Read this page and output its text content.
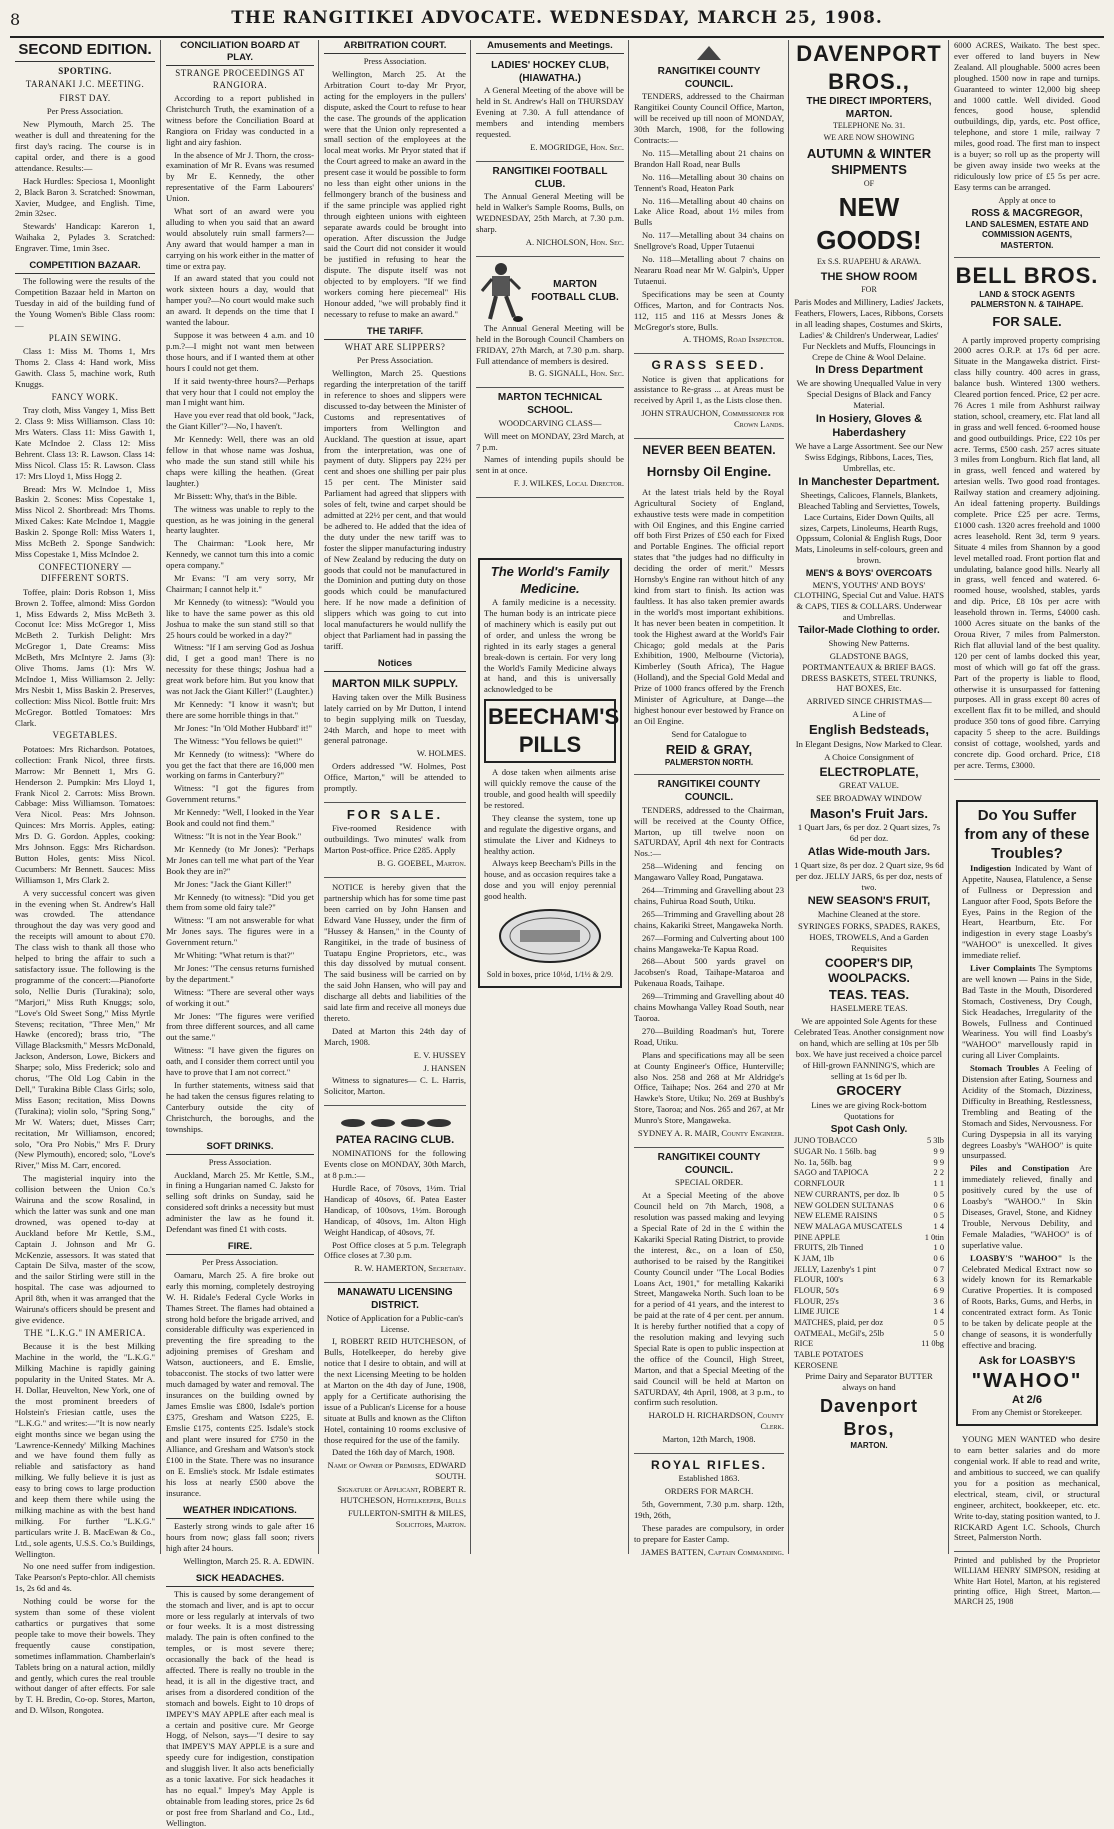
8	THE RANGITIKEI ADVOCATE. WEDNESDAY, MARCH 25, 1908.
SECOND EDITION.
SPORTING.
TARANAKI J.C. MEETING.
FIRST DAY.

Per Press Association.

New Plymouth, March 25. The weather is dull and threatening for the first day's racing. The course is in capital order, and there is a good attendance. Results:—

Hack Hurdles: Speciosa 1, Moonlight 2, Black Baron 3. Scratched: Snowman, Xavier, Mudgee, and English. Time, 2min 32sec.

Stewards' Handicap: Kareron 1, Waihaka 2, Pylades 3. Scratched: Engraver. Time, 1min 3sec.

COMPETITION BAZAAR.

The following were the results of the Competition Bazaar held in Marton on Tuesday in aid of the building fund of the Young Women's Bible Class room:—

PLAIN SEWING.

Class 1: Miss M. Thoms 1, Mrs Thoms 2. Class 4: Hand work, Miss Gawith. Class 5, machine work, Ruth Knuggs.

FANCY WORK.

Tray cloth, Miss Vangey 1, Miss Bett 2. Class 9: Miss Williamson. Class 10: Mrs Waters. Class 11: Miss Gawith 1, Kate McIndoe 2. Class 12: Miss Behrent. Class 13: R. Lawson. Class 14: Miss Nicol. Class 15: R. Lawson. Class 17: Mrs Lloyd 1, Miss Hogg 2.

Bread: Mrs W. McIndoe 1, Miss Baskin 2. Scones: Miss Copestake 1, Miss Nicol 2. Shortbread: Mrs Thoms. Mixed Cakes: Kate McIndoe 1, Maggie Baskin 2. Sponge Roll: Miss Waters 1, Miss McBeth 2. Sponge Sandwich: Miss Copestake 1, Miss McIndoe 2.

CONFECTIONERY — DIFFERENT SORTS.

Toffee, plain: Doris Robson 1, Miss Brown 2. Toffee, almond: Miss Gordon 1, Miss Edwards 2, Miss McBeth 3. Coconut Ice: Miss McGregor 1, Miss McBeth 2. Turkish Delight: Mrs McGregor 1, Date Creams: Miss McBeth, Mrs McIntyre 2. Jams (3): Olive Thoms. Jams (1): Mrs W. McIndoe 1, Miss Williamson 2. Jelly: Mrs Nesbit 1, Miss Baskin 2. Preserves, collection: Miss Nicol. Bottle fruit: Mrs McGregor. Bottled Tomatoes: Mrs Clark.

VEGETABLES.

Potatoes: Mrs Richardson. Potatoes, collection: Frank Nicol, three firsts. Marrow: Mr Bennett 1, Mrs G. Henderson 2. Pumpkin: Mrs Lloyd 1, Frank Nicol 2. Carrots: Miss Brown. Cabbage: Miss Williamson. Tomatoes: Vera Nicol. Peas: Mrs Johnson. Quinces: Mrs Morris. Apples, eating: Mrs D. G. Gordon. Apples, cooking: Mrs Johnson. Eggs: Mrs Richardson. Button Holes, gents: Miss Nicol. Cucumbers: Mr Bennett. Sauces: Miss Williamson 1, Mrs Clark 2.

A very successful concert was given in the evening when St. Andrew's Hall was crowded. The attendance throughout the day was very good and the receipts will amount to about £70. The class wish to thank all those who helped to bring the affair to such a satisfactory issue. The following is the programme of the concert:—Pianoforte solo, Nellie Duris (Turakina); solo, "Marjori," Miss Ruth Knuggs; solo, "Love's Old Sweet Song," Miss Myrtle Stevens; recitation, "Three Men," Mr Hawke (encored); brass trio, "The Village Blacksmith," Messrs McDonald, Jackson, Anderson, Lowe, Bickers and Sharpe; solo, Miss Frederick; solo and chorus, "The Old Log Cabin in the Dell," Turakina Bible Class Girls; solo, Miss Eason; recitation, Miss Downs (Turakina); violin solo, "Spring Song," Mr W. Waters; duet, Misses Carr; recitation, Mr Williamson, encored; solo, "Ora Pro Nobis," Mrs F. Drury (New Plymouth), encored; solo, "Love's River," Miss M. Carr, encored.

The magisterial inquiry into the collision between the Union Co.'s Wairuna and the scow Rosalind, in which the latter was sunk and one man drowned, was opened to-day at Auckland before Mr Kettle, S.M., Captain J. Johnson and Mr G. McKenzie, assessors. It was stated that Captain De Silva, master of the scow, and the sailor Stirling were still in the hospital. The case was adjourned to April 8th, when it was arranged that the Wairuna's officers should be present and give evidence.

THE "L.K.G." IN AMERICA.

Because it is the best Milking Machine in the world, the "L.K.G." Milking Machine is rapidly gaining popularity in the United States. Mr A. H. Dollar, Heuvelton, New York, one of the most prominent breeders of Holstein's Friesian cattle, uses the "L.K.G." and writes:—"It is now nearly eight months since we began using the 'Lawrence-Kennedy' Milking Machines and we have found them fully as reliable and satisfactory as hand milking. We fully believe it is just as easy to bring cows to large production and keep them there while using the milking machine as with the best hand milking. For further "L.K.G." particulars write J. B. MacEwan & Co., Ltd., sole agents, U.S.S. Co.'s Buildings, Wellington.

No one need suffer from indigestion. Take Pearson's Pepto-chlor. All chemists 1s, 2s 6d and 4s.

Nothing could be worse for the system than some of these violent cathartics or purgatives that some people take to move their bowels. They frequently cause constipation, sometimes inflammation. Chamberlain's Tablets bring on a natural action, mildly and gently, which cures the real trouble without danger of after effects. For sale by T. H. Bredin, Co-op. Stores, Marton, and D. Wilson, Rongotea.

CONCILIATION BOARD AT PLAY.
STRANGE PROCEEDINGS AT RANGIORA.

According to a report published in Christchurch Truth, the examination of a witness before the Conciliation Board at Rangiora on Friday was conducted in a light and airy fashion.

In the absence of Mr J. Thorn, the cross-examination of Mr R. Evans was resumed by Mr E. Kennedy, the other representative of the Farm Labourers' Union.

What sort of an award were you alluding to when you said that an award would absolutely ruin small farmers?—Any award that would hamper a man in carrying on his work either in the matter of time or extra pay.

If an award stated that you could not work sixteen hours a day, would that hamper you?—No court would make such an award. It depends on the time that I wanted the labour.

Suppose it was between 4 a.m. and 10 p.m.?—I might not want men between those hours, and if I wanted them at other hours I could not get them.

If it said twenty-three hours?—Perhaps that very hour that I could not employ the man I might want him.

Have you ever read that old book, "Jack, the Giant Killer"?—No, I haven't.

Mr Kennedy: Well, there was an old fellow in that whose name was Joshua, who made the sun stand still while his chaps were killing the heathen. (Great laughter.)

Mr Bissett: Why, that's in the Bible.

The witness was unable to reply to the question, as he was joining in the general hearty laughter.

The Chairman: "Look here, Mr Kennedy, we cannot turn this into a comic opera company."

Mr Evans: "I am very sorry, Mr Chairman; I cannot help it."

Mr Kennedy (to witness): "Would you like to have the same power as this old Joshua to make the sun stand still so that 25 hours could be worked in a day?"

Witness: "If I am serving God as Joshua did, I get a good man! There is no necessity for these things; Joshua had a great work before him. But you know that was not Jack the Giant Killer!" (Laughter.)

Mr Kennedy: "I know it wasn't; but there are some horrible things in that."

Mr Jones: "In 'Old Mother Hubbard' it!"

The Witness: "You fellows be quiet!"

Mr Kennedy (to witness): "Where do you get the fact that there are 16,000 men working on farms in Canterbury?"

Witness: "I got the figures from Government returns."

Mr Kennedy: "Well, I looked in the Year Book and could not find them."

Witness: "It is not in the Year Book."

Mr Kennedy (to Mr Jones): "Perhaps Mr Jones can tell me what part of the Year Book they are in?"

Mr Jones: "Jack the Giant Killer!"

Mr Kennedy (to witness): "Did you get them from some old fairy tale?"

Witness: "I am not answerable for what Mr Jones says. The figures were in a Government return."

Mr Whiting: "What return is that?"

Mr Jones: "The census returns furnished by the department."

Witness: "There are several other ways of working it out."

Mr Jones: "The figures were verified from three different sources, and all came out the same."

Witness: "I have given the figures on oath, and I consider them correct until you have to prove that I am not correct."

In further statements, witness said that he had taken the census figures relating to Canterbury outside the city of Christchurch, the boroughs, and the townships.

SOFT DRINKS.

Press Association.

Auckland, March 25. Mr Kettle, S.M., in fining a Hungarian named C. Jaksto for selling soft drinks on Sunday, said he considered soft drinks a necessity but must administer the law as he found it. Defendant was fined £1 with costs.

FIRE.

Per Press Association.

Oamaru, March 25. A fire broke out early this morning, completely destroying W. H. Ridale's Federal Cycle Works in Thames Street. The flames had obtained a strong hold before the brigade arrived, and considerable difficulty was experienced in preventing the fire spreading to the adjoining premises of Gresham and Watson, auctioneers, and E. Emslie, tobacconist. The stocks of two latter were much damaged by water and removal. The insurances on the building owned by James Emslie was £800, Isdale's portion £375, Gresham and Watson £225, E. Emslie £175, contents £25. Isdale's stock and plant were insured for £750 in the Alliance, and Gresham and Watson's stock £100 in the State. There was no insurance on E. Emslie's stock. Mr Isdale estimates his loss at nearly £500 above the insurance.

WEATHER INDICATIONS.

Easterly strong winds to gale after 16 hours from now; glass fall soon; rivers high after 24 hours.

Wellington, March 25. R. A. EDWIN.

SICK HEADACHES.

This is caused by some derangement of the stomach and liver, and is apt to occur more or less regularly at intervals of two or four weeks. It is a most distressing malady. The pain is often confined to the temples, or is most severe there; occasionally the back of the head is affected. There is really no trouble in the head, it is all in the digestive tract, and arises from a disordered condition of the stomach and bowels. Eight to 10 drops of IMPEY'S MAY APPLE after each meal is a certain and positive cure. Mr George Hogg, of Nelson, says—"I desire to say that IMPEY'S MAY APPLE is a sure and speedy cure for indigestion, constipation and sluggish liver. It also acts beneficially as a tonic laxative. For sick headaches it has no equal." Impey's May Apple is obtainable from leading stores, price 2s 6d or post free from Sharland and Co., Ltd., Wellington.

ARBITRATION COURT.

Press Association.

Wellington, March 25. At the Arbitration Court to-day Mr Pryor, acting for the employers in the pullers' dispute, asked the Court to refuse to hear the case. The grounds of the application were that the Union only represented a small section of the employees at the local meat works. Mr Pryor stated that if the Court agreed to make an award in the present case it would be possible to form no less than eight other unions in the fellmongery branch of the business and if the same principle was applied right through eighteen unions with eighteen separate awards could be brought into operation. After discussion the Judge said the Court did not consider it would be justified in refusing to hear the dispute. The dispute itself was not objected to by employers. "If we find workers coming here piecemeal" His Honour added, "we will probably find it necessary to refuse to make an award."

THE TARIFF.
WHAT ARE SLIPPERS?

Per Press Association.

Wellington, March 25. Questions regarding the interpretation of the tariff in reference to shoes and slippers were discussed to-day between the Minister of Customs and representatives of importers from Wellington and Auckland. The question at issue, apart from the interpretation, was one of payment of duty. Slippers pay 22½ per cent and shoes one shilling per pair plus 15 per cent. The Minister said Parliament had agreed that slippers with soles of felt, twine and carpet should be admitted at 22½ per cent, and that would be adhered to. He added that the idea of the duty under the new tariff was to foster the slipper manufacturing industry of New Zealand by reducing the duty on goods that could not be manufactured in the Dominion and putting duty on those goods which could be manufactured here. If he now made a definition of slippers which was going to cut into local manufacturers he would nullify the object that Parliament had in passing the tariff.

Notices
MARTON MILK SUPPLY.

Having taken over the Milk Business lately carried on by Mr Dutton, I intend to begin supplying milk on Tuesday, 24th March, and hope to meet with general patronage.

W. HOLMES.

Orders addressed "W. Holmes, Post Office, Marton," will be attended to promptly.

FOR SALE.

Five-roomed Residence with outbuildings. Two minutes' walk from Marton Post-office. Price £285. Apply

B. G. GOEBEL, Marton.

NOTICE is hereby given that the partnership which has for some time past been carried on by John Hansen and Edward Vane Hussey, under the firm of "Hussey & Hansen," in the County of Rangitikei, in the trade of business of Tuatapu Engine Proprietors, etc., was this day dissolved by mutual consent. The said business will be carried on by the said John Hansen, who will pay and discharge all debts and liabilities of the said late firm and receive all moneys due thereto.

Dated at Marton this 24th day of March, 1908.

E. V. HUSSEY

J. HANSEN

Witness to signatures— C. L. Harris, Solicitor, Marton.

PATEA RACING CLUB.

NOMINATIONS for the following Events close on MONDAY, 30th March, at 8 p.m.:—

Hurdle Race, of 70sovs, 1½m. Trial Handicap of 40sovs, 6f. Patea Easter Handicap, of 100sovs, 1½m. Borough Handicap, of 40sovs, 1m. Alton High Weight Handicap, of 40sovs, 7f.

Post Office closes at 5 p.m. Telegraph Office closes at 7.30 p.m.

R. W. HAMERTON, Secretary.

MANAWATU LICENSING DISTRICT.

Notice of Application for a Public-can's License.

I, ROBERT REID HUTCHESON, of Bulls, Hotelkeeper, do hereby give notice that I desire to obtain, and will at the next Licensing Meeting to be holden at Marton on the 4th day of June, 1908, apply for a Certificate authorising the issue of a Publican's License for a house situate at Bulls and known as the Clifton Hotel, containing 10 rooms exclusive of those required for the use of the family.

Dated the 16th day of March, 1908.

Name of Owner of Premises, EDWARD SOUTH.

Signature of Applicant, ROBERT R. HUTCHESON, Hotelkeeper, Bulls

FULLERTON-SMITH & MILES, Solicitors, Marton.

Amusements and Meetings.
LADIES' HOCKEY CLUB, (HIAWATHA.)

A General Meeting of the above will be held in St. Andrew's Hall on THURSDAY Evening at 7.30. A full attendance of members and intending members requested.

E. MOGRIDGE, Hon. Sec.

RANGITIKEI FOOTBALL CLUB.

The Annual General Meeting will be held in Walker's Sample Rooms, Bulls, on WEDNESDAY, 25th March, at 7.30 p.m. sharp.

A. NICHOLSON, Hon. Sec.

MARTON FOOTBALL CLUB.

The Annual General Meeting will be held in the Borough Council Chambers on FRIDAY, 27th March, at 7.30 p.m. sharp. Full attendance of members is desired.

B. G. SIGNALL, Hon. Sec.

MARTON TECHNICAL SCHOOL.

WOODCARVING CLASS—

Will meet on MONDAY, 23rd March, at 7 p.m.

Names of intending pupils should be sent in at once.

F. J. WILKES, Local Director.

The World's Family Medicine.

A family medicine is a necessity. The human body is an intricate piece of machinery which is easily put out of order, and unless the wrong be righted in its early stages a general break-down is certain. For very long the World's Family Medicine always at hand, and this is universally acknowledged to be

BEECHAM'S PILLS

A dose taken when ailments arise will quickly remove the cause of the trouble, and good health will speedily be restored.

They cleanse the system, tone up and regulate the digestive organs, and stimulate the Liver and Kidneys to healthy action.

Always keep Beecham's Pills in the house, and as occasion requires take a dose and you will enjoy perennial good health.

Sold in boxes, price 10½d, 1/1½ & 2/9.

RANGITIKEI COUNTY COUNCIL.

TENDERS, addressed to the Chairman Rangitikei County Council Office, Marton, will be received up till noon of MONDAY, 30th March, 1908, for the following Contracts:—

No. 115—Metalling about 21 chains on Brandon Hall Road, near Bulls

No. 116—Metalling about 30 chains on Tennent's Road, Heaton Park

No. 116—Metalling about 40 chains on Lake Alice Road, about 1½ miles from Bulls

No. 117—Metalling about 34 chains on Snellgrove's Road, Upper Tutaenui

No. 118—Metalling about 7 chains on Neararu Road near Mr W. Galpin's, Upper Tutaenui.

Specifications may be seen at County Offices, Marton, and for Contracts Nos. 112, 115 and 116 at Messrs Jones & McGregor's store, Bulls.

A. THOMS, Road Inspector.

GRASS SEED.

Notice is given that applications for assistance to Re-grass ... at Areas must be received by April 1, as the Lists close then.

JOHN STRAUCHON, Commissioner for Crown Lands.

NEVER BEEN BEATEN.
Hornsby Oil Engine.

At the latest trials held by the Royal Agricultural Society of England, exhaustive tests were made in competition with Oil Engines, and this Engine carried off both First Prizes of £50 each for Fixed and Portable Engines. The official report states that "the judges had no difficulty in deciding the order of merit." Messrs Hornsby's Engine ran without hitch of any kind from start to finish. Its action was faultless. It has also taken premier awards in the world's most important exhibitions. It has never been beaten in competition. It took the Highest award at the World's Fair Chicago; gold medals at the Paris Exhibition, 1900, Melbourne (Victoria), Kimberley (South Africa), The Hague (Holland), and the Special Gold Medal and Prize of 1000 francs offered by the French Minister of Agriculture, at Dange—the highest honour ever bestowed by France on an Oil Engine.

Send for Catalogue to

REID & GRAY,
PALMERSTON NORTH.
RANGITIKEI COUNTY COUNCIL.

TENDERS, addressed to the Chairman, will be received at the County Office, Marton, up till twelve noon on SATURDAY, April 4th next for Contracts Nos.:—

258—Widening and fencing on Mangawaro Valley Road, Pungatawa.

264—Trimming and Gravelling about 23 chains, Fuhirua Road South, Utiku.

265—Trimming and Gravelling about 28 chains, Kakariki Street, Mangaweka North.

267—Forming and Culverting about 100 chains Mangaweka-Te Kapua Road.

268—About 500 yards gravel on Jacobsen's Road, Taihape-Mataroa and Pukenaua Roads, Taihape.

269—Trimming and Gravelling about 40 chains Mowhanga Valley Road South, near Taoroa.

270—Building Roadman's hut, Torere Road, Utiku.

Plans and specifications may all be seen at County Engineer's Office, Hunterville; also Nos. 258 and 268 at Mr Aldridge's Office, Taihape; Nos. 264 and 270 at Mr Hawke's Store, Utiku; No. 269 at Bushby's Store, Taoroa; and Nos. 265 and 267, at Mr Munro's Store, Mangaweka.

SYDNEY A. R. MAIR, County Engineer.

RANGITIKEI COUNTY COUNCIL.

SPECIAL ORDER.

At a Special Meeting of the above Council held on 7th March, 1908, a resolution was passed making and levying a Special Rate of 2d in the £ within the Kakariki Special Rating District, to provide the interest, &c., on a loan of £50, authorised to be raised by the Rangitikei County Council under "The Local Bodies Loans Act, 1901," for metalling Kakariki Street, Mangaweka North. Such loan to be for a period of 41 years, and the interest to be paid at the rate of 4 per cent. per annum. It is hereby further notified that a copy of the resolution making and levying such Special Rate is open to public inspection at the office of the Council, High Street, Marton, and that a Special Meeting of the said Council will be held at Marton on SATURDAY, 4th April, 1908, at 3 p.m., to confirm such resolution.

HAROLD H. RICHARDSON, County Clerk.

Marton, 12th March, 1908.

ROYAL RIFLES.

Established 1863.

ORDERS FOR MARCH.

5th, Government, 7.30 p.m. sharp. 12th, 19th, 26th,

These parades are compulsory, in order to prepare for Easter Camp.

JAMES BATTEN, Captain Commanding.

DAVENPORT BROS.,
THE DIRECT IMPORTERS, MARTON.

TELEPHONE No. 31.

WE ARE NOW SHOWING

AUTUMN & WINTER SHIPMENTS

OF

NEW GOODS!

Ex S.S. RUAPEHU & ARAWA.

THE SHOW ROOM

FOR

Paris Modes and Millinery, Ladies' Jackets, Feathers, Flowers, Laces, Ribbons, Corsets in all leading shapes, Costumes and Skirts, Ladies' & Children's Underwear, Ladies' Fur Necklets and Muffs, Flouncings in Crepe de Chine & Wool Delaine.

In Dress Department

We are showing Unequalled Value in very Special Designs of Black and Fancy Material.

In Hosiery, Gloves & Haberdashery

We have a Large Assortment. See our New Swiss Edgings, Ribbons, Laces, Ties, Umbrellas, etc.

In Manchester Department.

Sheetings, Calicoes, Flannels, Blankets, Bleached Tabling and Serviettes, Towels, Lace Curtains, Eider Down Quilts, all sizes, Carpets, Linoleums, Hearth Rugs, Oppssum, Colonial & English Rugs, Door Mats, Linoleums in self-colours, green and brown.

MEN'S & BOYS' OVERCOATS

MEN'S, YOUTHS' AND BOYS' CLOTHING, Special Cut and Value. HATS & CAPS, TIES & COLLARS. Underwear and Umbrellas.

Tailor-Made Clothing to order.

Showing New Patterns.

GLADSTONE BAGS, PORTMANTEAUX & BRIEF BAGS. DRESS BASKETS, STEEL TRUNKS, HAT BOXES, Etc.

ARRIVED SINCE CHRISTMAS—

A Line of

English Bedsteads,

In Elegant Designs, Now Marked to Clear.

A Choice Consignment of

ELECTROPLATE,

GREAT VALUE.

SEE BROADWAY WINDOW

Mason's Fruit Jars.

1 Quart Jars, 6s per doz. 2 Quart sizes, 7s 6d per doz.

Atlas Wide-mouth Jars.

1 Quart size, 8s per doz. 2 Quart size, 9s 6d per doz. JELLY JARS, 6s per doz, nests of two.

NEW SEASON'S FRUIT,

Machine Cleaned at the store.

SYRINGES FORKS, SPADES, RAKES, HOES, TROWELS, And a Garden Requisites

COOPER'S DIP, WOOLPACKS.
TEAS. TEAS.

HASELMERE TEAS.

We are appointed Sole Agents for these Celebrated Teas. Another consignment now on hand, which are selling at 10s per 5lb box. We have just received a choice parcel of Hill-grown FANNING'S, which are selling at 1s 6d per lb.

GROCERY

Lines we are giving Rock-bottom Quotations for

Spot Cash Only.
JUNO TOBACCO	5 3lb
SUGAR No. 1 56lb. bag	9 9
No. 1a, 56lb. bag	9 9
SAGO and TAPIOCA	2 2
CORNFLOUR	1 1
NEW CURRANTS, per doz. lb	0 5
NEW GOLDEN SULTANAS	0 6
NEW ELEME RAISINS	0 5
NEW MALAGA MUSCATELS	1 4
PINE APPLE	1 0tin
FRUITS, 2lb Tinned	1 0
K JAM, 1lb	0 6
JELLY, Lazenby's 1 pint	0 7
FLOUR, 100's	6 3
FLOUR, 50's	6 9
FLOUR, 25's	3 6
LIME JUICE	1 4
MATCHES, plaid, per doz	0 5
OATMEAL, McGil's, 25lb	5 0
RICE	11 0bg
TABLE POTATOES
KEROSENE

Prime Dairy and Separator BUTTER always on hand

Davenport Bros,
MARTON.

6000 ACRES, Waikato. The best spec. ever offered to land buyers in New Zealand. All ploughable. 5000 acres been ploughed. 1500 now in rape and turnips. Guaranteed to winter 12,000 big sheep and 1000 cattle. Well divided. Good fences, good house, splendid outbuildings, dip, yards, etc. Post office, telephone, and store 1 mile, railway 7 miles, good road. The first man to inspect is a buyer; so roll up as the property will be given away inside two weeks at the ridiculously low price of £5 5s per acre. Easy terms can be arranged.

Apply at once to

ROSS & MACGREGOR,
LAND SALESMEN, ESTATE AND COMMISSION AGENTS,
MASTERTON.
BELL BROS.
LAND & STOCK AGENTS
PALMERSTON N. & TAIHAPE.
FOR SALE.

A partly improved property comprising 2000 acres O.R.P. at 17s 6d per acre. Situate in the Mangaweka district. First-class hilly country. 400 acres in grass, balance bush. Wintered 1300 wethers. Cleared portion fenced. Price, £2 per acre. 76 Acres 1 mile from Ashhurst railway station, school, creamery, etc. Flat land all in grass and well fenced. 6-roomed house and good outbuildings. Price, £22 10s per acre. Terms, £500 cash. 257 acres situate 3 miles from Longburn. Rich flat land, all in grass, well fenced and watered by artesian wells. Two good road frontages. Railway station and creamery adjoining. An ideal fattening property. Buildings complete. Price £25 per acre. Terms, £1000 cash. 1320 acres freehold and 1000 acres leasehold. Rent 3d, term 9 years. Situate 4 miles from Shannon by a good level metalled road. Front portion flat and undulating, balance good hills. Nearly all in grass, well fenced and watered. 6-roomed house, woolshed, stables, yards and dip. Price, £8 10s per acre with leasehold thrown in. Terms, £4000 cash. 1000 Acres situate on the banks of the Oroua River, 7 miles from Palmerston. Rich flat alluvial land of the best quality. 120 per cent of lambs docked this year, most of which will go fat off the grass. Part of the property is liable to flood, otherwise it is unsurpassed for fattening purposes. All in grass except 80 acres of excellent flax fit to be milled, and should produce 350 tons of good fibre. Carrying capacity 5 sheep to the acre. Buildings consist of cottage, woolshed, yards and concrete dip. Good orchard. Price, £18 per acre. Terms, £3000.

Do You Suffer from any of these Troubles?

Indigestion Indicated by Want of Appetite, Nausea, Flatulence, a Sense of Fullness or Depression and Languor after Food, Spots Before the Eyes, Pains in the Region of the Heart, Heartburn, Etc. For indigestion in every stage Loasby's "WAHOO" is unexcelled. It gives immediate relief.

Liver Complaints The Symptoms are well known — Pains in the Side, Bad Taste in the Mouth, Disordered Stomach, Costiveness, Dry Cough, Sick Headaches, Irregularity of the Bowels, Fullness and Continued Weariness. You will find Loasby's "WAHOO" marvellously rapid in curing all Liver Complaints.

Stomach Troubles A Feeling of Distension after Eating, Sourness and Acidity of the Stomach, Dizziness, Difficulty in Breathing, Restlessness, Trembling and Beating of the Stomach and Sides, Nervousness. For Curing Dyspepsia in all its varying degrees Loasby's "WAHOO" is quite unsurpassed.

Piles and Constipation Are immediately relieved, finally and positively cured by the use of Loasby's "WAHOO." In Skin Diseases, Gravel, Stone, and Kidney Trouble, Nervous Debility, and Female Maladies, "WAHOO" is of superlative value.

LOASBY'S "WAHOO" Is the Celebrated Medical Extract now so widely known for its Remarkable Curative Properties. It is composed of Roots, Barks, Gums, and Herbs, in concentrated extract form. As Tonic to be taken by delicate people at the change of seasons, it is wonderfully effective and bracing.

Ask for LOASBY'S
"WAHOO"
At 2/6

From any Chemist or Storekeeper.

YOUNG MEN WANTED who desire to earn better salaries and do more congenial work. If able to read and write, and ambitious to succeed, we can qualify you for a position as mechanical, electrical, steam, civil, or structural engineer, architect, bookkeeper, etc. etc. Write to-day, stating position wanted, to J. RICKARD Agent I.C. Schools, Church Street, Palmerston North.

Printed and published by the Proprietor WILLIAM HENRY SIMPSON, residing at White Hart Hotel, Marton, at his registered printing office, High Street, Marton.—MARCH 25, 1908
